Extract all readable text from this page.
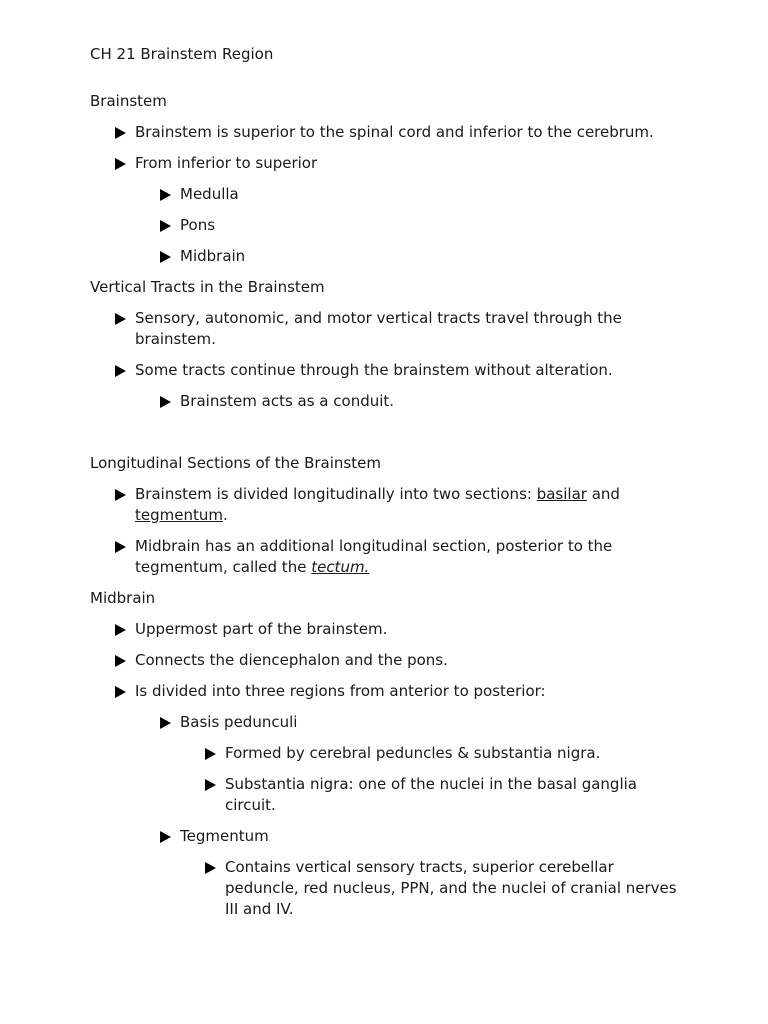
CH 21 Brainstem Region
Brainstem
Brainstem is superior to the spinal cord and inferior to the cerebrum.
From inferior to superior
Medulla
Pons
Midbrain
Vertical Tracts in the Brainstem
Sensory, autonomic, and motor vertical tracts travel through the brainstem.
Some tracts continue through the brainstem without alteration.
Brainstem acts as a conduit.
Longitudinal Sections of the Brainstem
Brainstem is divided longitudinally into two sections: basilar and tegmentum.
Midbrain has an additional longitudinal section, posterior to the tegmentum, called the tectum.
Midbrain
Uppermost part of the brainstem.
Connects the diencephalon and the pons.
Is divided into three regions from anterior to posterior:
Basis pedunculi
Formed by cerebral peduncles & substantia nigra.
Substantia nigra: one of the nuclei in the basal ganglia circuit.
Tegmentum
Contains vertical sensory tracts, superior cerebellar peduncle, red nucleus, PPN, and the nuclei of cranial nerves III and IV.
